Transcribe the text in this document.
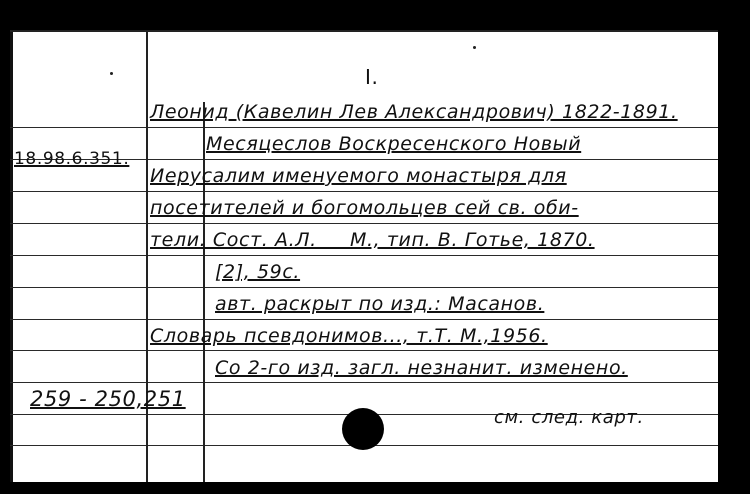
I.
Леонид (Кавелин Лев Александрович) 1822-1891.
18.98.6.351.
Месяцеслов Воскресенского Новый
Иерусалим именуемого монастыря для
посетителей и богомольцев сей св. оби-
тели. Сост. А.Л.     М., тип. В. Готье, 1870.
[2], 59с.
авт. раскрыт по изд.: Масанов.
Словарь псевдонимов..., т.Т. М.,1956.
Со 2-го изд. загл. незнанит. изменено.
259 - 250,251
см. след. карт.
